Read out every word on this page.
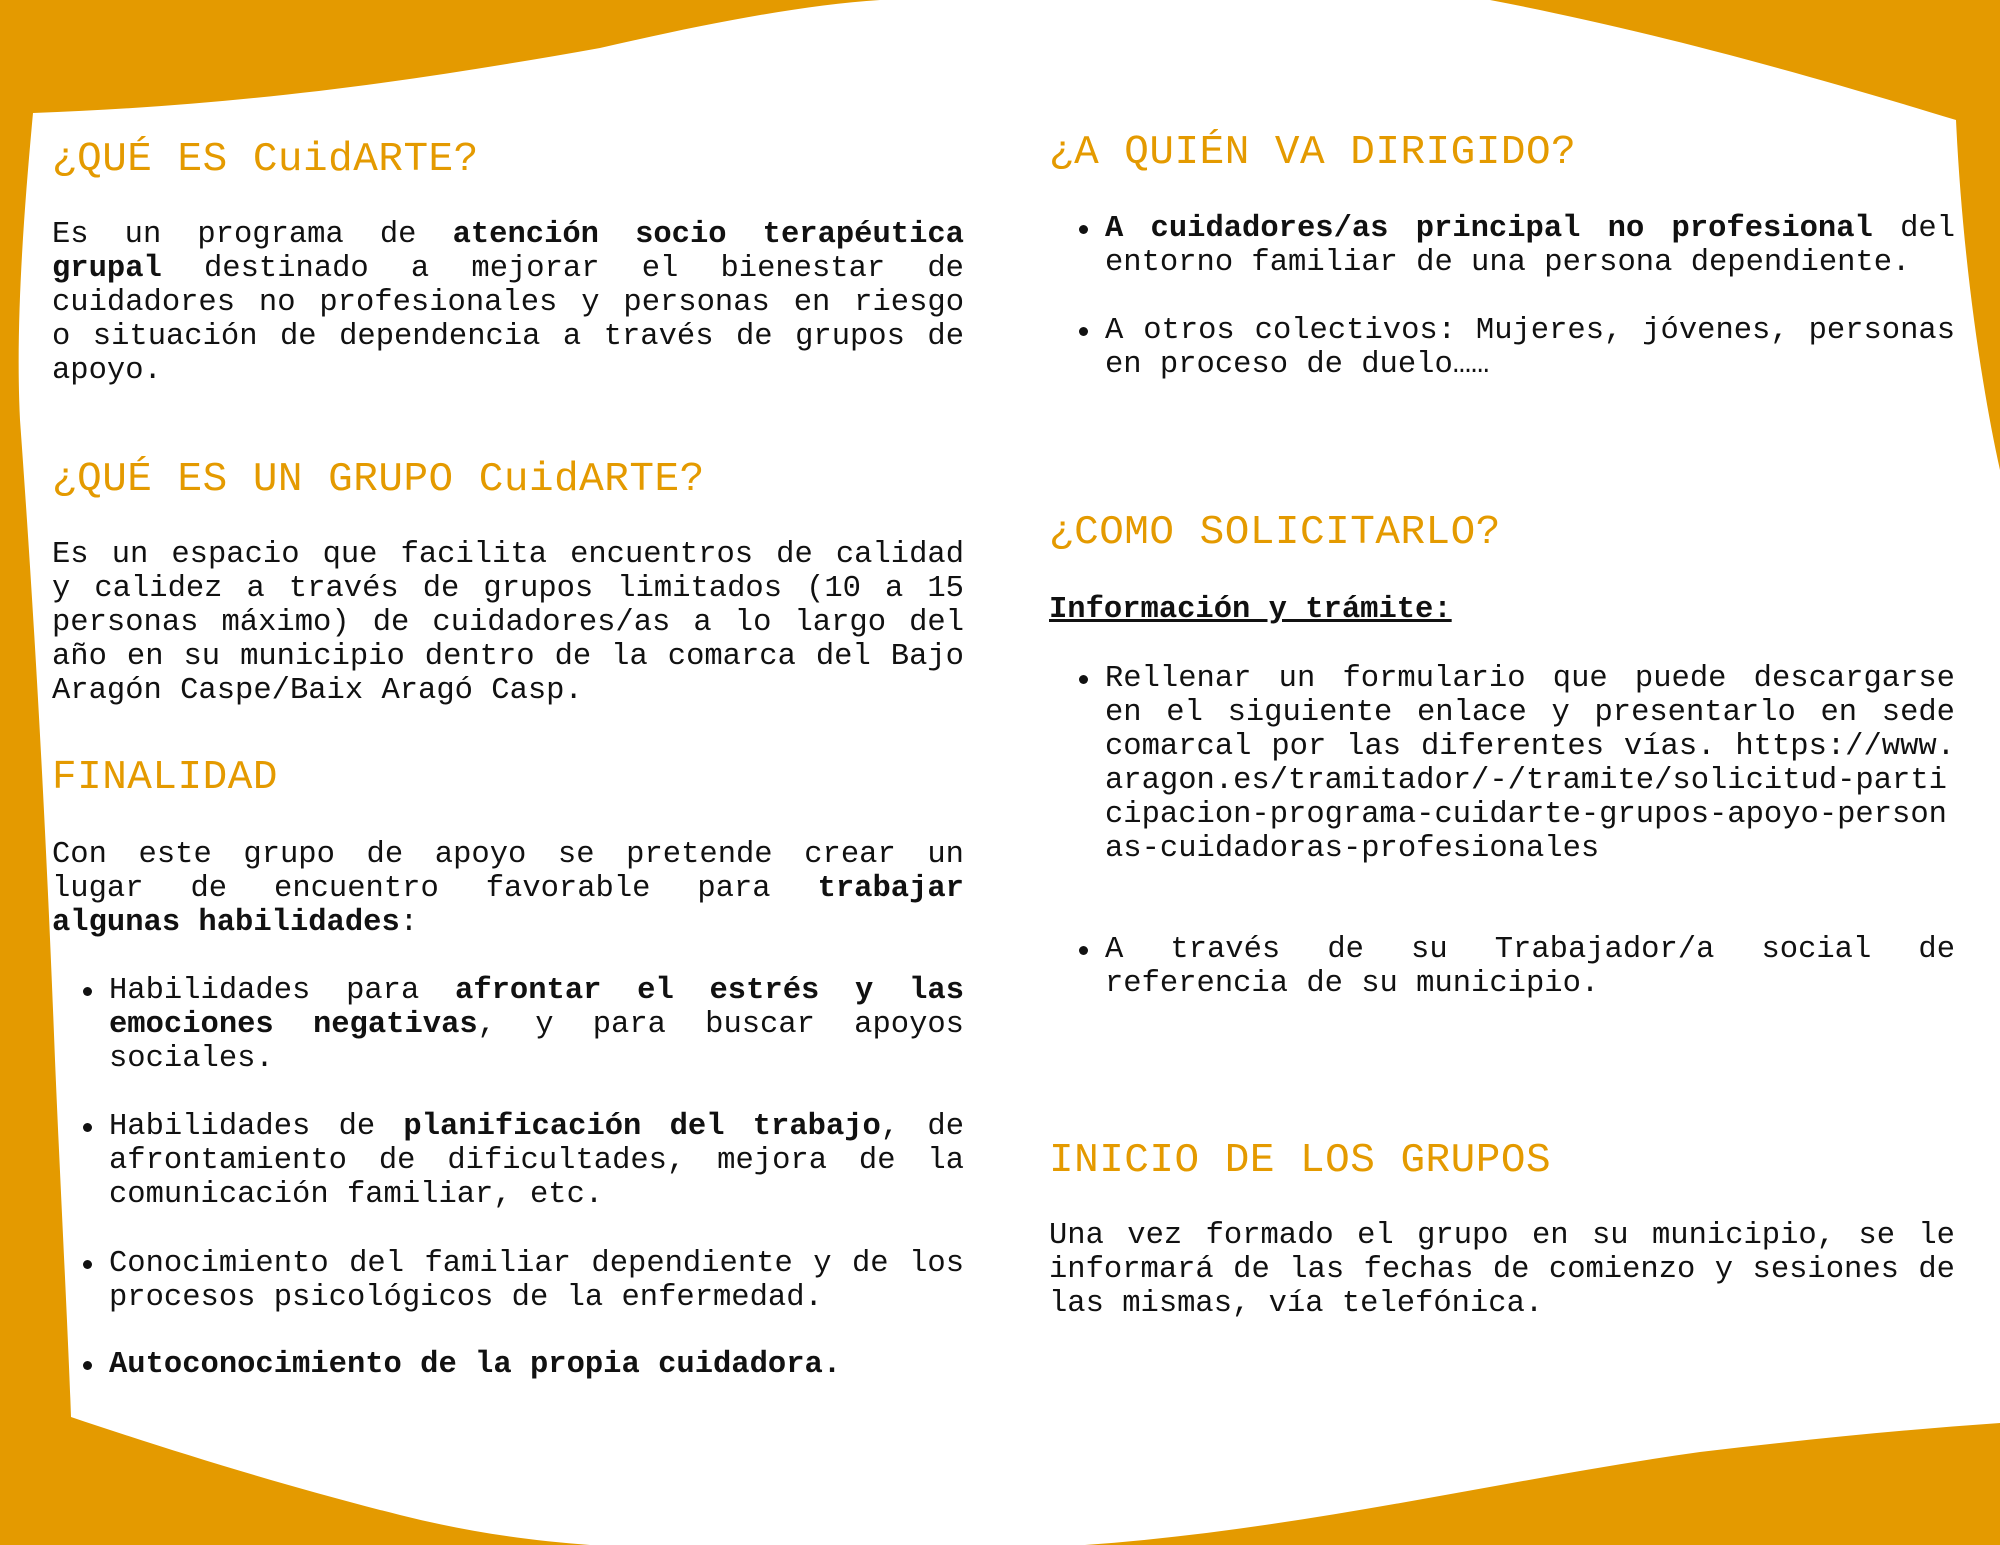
¿QUÉ ES CuidARTE?

Es un programa de atención socio terapéutica grupal destinado a mejorar el bienestar de cuidadores no profesionales y personas en riesgo o situación de dependencia a través de grupos de apoyo.

¿QUÉ ES UN GRUPO CuidARTE?

Es un espacio que facilita encuentros de calidad y calidez a través de grupos limitados (10 a 15 personas máximo) de cuidadores/as a lo largo del año en su municipio dentro de la comarca del Bajo Aragón Caspe/Baix Aragó Casp.

FINALIDAD

Con este grupo de apoyo se pretende crear un lugar de encuentro favorable para trabajar algunas habilidades:

Habilidades para afrontar el estrés y las emociones negativas, y para buscar apoyos sociales.
Habilidades de planificación del trabajo, de afrontamiento de dificultades, mejora de la comunicación familiar, etc.
Conocimiento del familiar dependiente y de los procesos psicológicos de la enfermedad.
Autoconocimiento de la propia cuidadora.
¿A QUIÉN VA DIRIGIDO?
A cuidadores/as principal no profesional del entorno familiar de una persona dependiente.
A otros colectivos: Mujeres, jóvenes, personas en proceso de duelo……
¿COMO SOLICITARLO?
Información y trámite:
Rellenar un formulario que puede descargarse en el siguiente enlace y presentarlo en sede comarcal por las diferentes vías. https://www.aragon.es/tramitador/-/tramite/solicitud-participacion-programa-cuidarte-grupos-apoyo-personas-cuidadoras-profesionales
A través de su Trabajador/a social de referencia de su municipio.
INICIO DE LOS GRUPOS

Una vez formado el grupo en su municipio, se le informará de las fechas de comienzo y sesiones de las mismas, vía telefónica.
